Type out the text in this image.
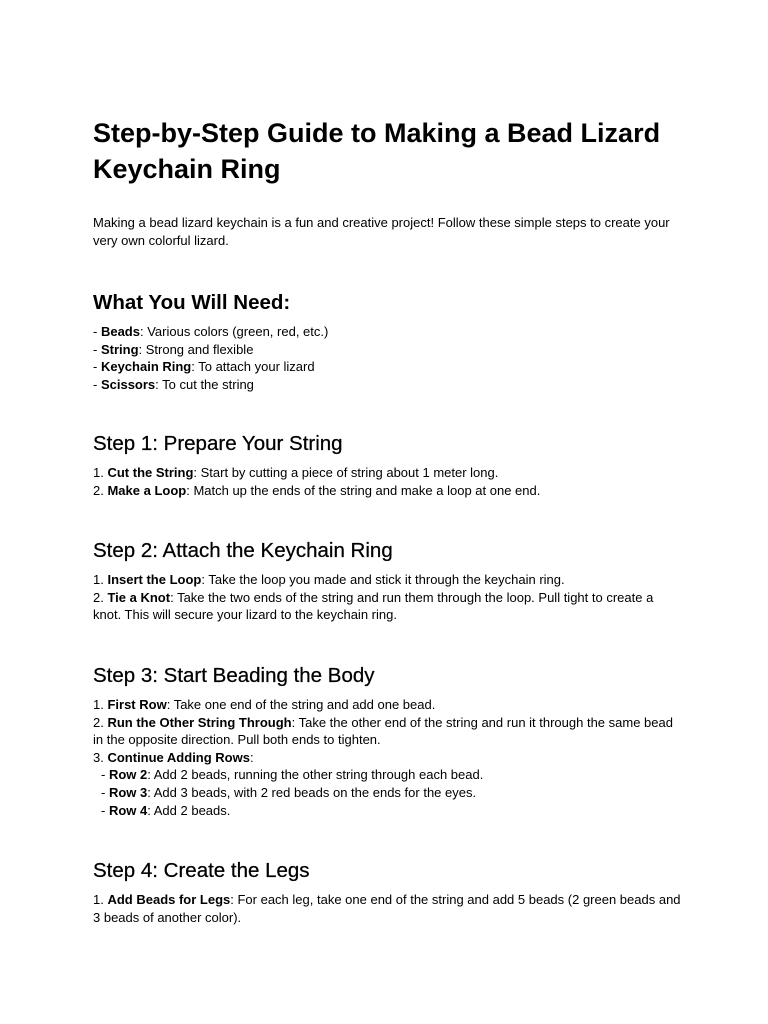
Step-by-Step Guide to Making a Bead Lizard Keychain Ring

Making a bead lizard keychain is a fun and creative project! Follow these simple steps to create your very own colorful lizard.

What You Will Need:
- Beads: Various colors (green, red, etc.)
- String: Strong and flexible
- Keychain Ring: To attach your lizard
- Scissors: To cut the string
Step 1: Prepare Your String
1. Cut the String: Start by cutting a piece of string about 1 meter long.
2. Make a Loop: Match up the ends of the string and make a loop at one end.
Step 2: Attach the Keychain Ring
1. Insert the Loop: Take the loop you made and stick it through the keychain ring.
2. Tie a Knot: Take the two ends of the string and run them through the loop. Pull tight to create a knot. This will secure your lizard to the keychain ring.
Step 3: Start Beading the Body
1. First Row: Take one end of the string and add one bead.
2. Run the Other String Through: Take the other end of the string and run it through the same bead in the opposite direction. Pull both ends to tighten.
3. Continue Adding Rows:
- Row 2: Add 2 beads, running the other string through each bead.
- Row 3: Add 3 beads, with 2 red beads on the ends for the eyes.
- Row 4: Add 2 beads.
Step 4: Create the Legs
1. Add Beads for Legs: For each leg, take one end of the string and add 5 beads (2 green beads and 3 beads of another color).
